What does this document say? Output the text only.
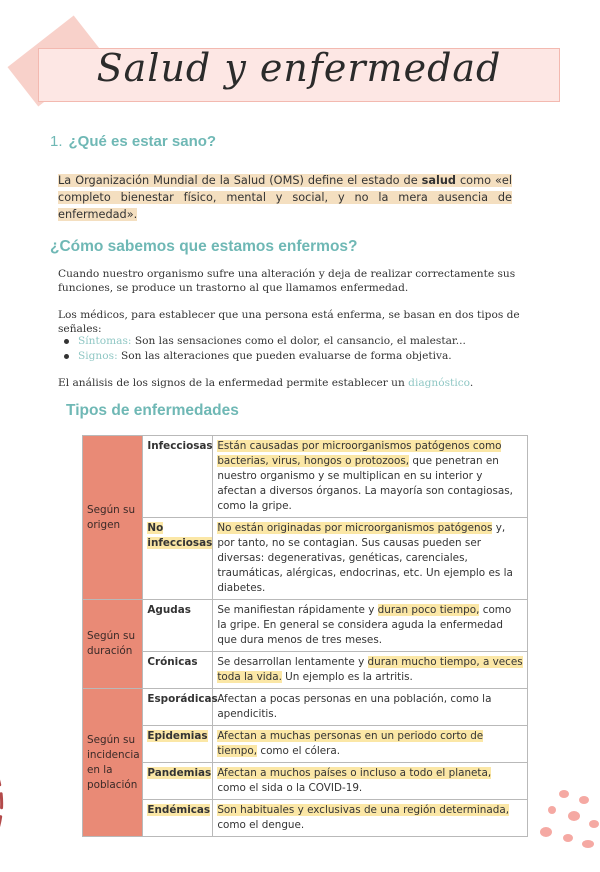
Salud y enfermedad
1. ¿Qué es estar sano?
La Organización Mundial de la Salud (OMS) define el estado de salud como «el completo bienestar físico, mental y social, y no la mera ausencia de enfermedad».
¿Cómo sabemos que estamos enfermos?
Cuando nuestro organismo sufre una alteración y deja de realizar correctamente sus funciones, se produce un trastorno al que llamamos enfermedad.
Los médicos, para establecer que una persona está enferma, se basan en dos tipos de señales:
Síntomas: Son las sensaciones como el dolor, el cansancio, el malestar...
Signos: Son las alteraciones que pueden evaluarse de forma objetiva.
El análisis de los signos de la enfermedad permite establecer un diagnóstico.
Tipos de enfermedades
Según su origen	Infecciosas	Están causadas por microorganismos patógenos como bacterias, virus, hongos o protozoos, que penetran en nuestro organismo y se multiplican en su interior y afectan a diversos órganos. La mayoría son contagiosas, como la gripe.
	No infecciosas	No están originadas por microorganismos patógenos y, por tanto, no se contagian. Sus causas pueden ser diversas: degenerativas, genéticas, carenciales, traumáticas, alérgicas, endocrinas, etc. Un ejemplo es la diabetes.
Según su duración	Agudas	Se manifiestan rápidamente y duran poco tiempo, como la gripe. En general se considera aguda la enfermedad que dura menos de tres meses.
	Crónicas	Se desarrollan lentamente y duran mucho tiempo, a veces toda la vida. Un ejemplo es la artritis.
Según su incidencia en la población	Esporádicas	Afectan a pocas personas en una población, como la apendicitis.
	Epidemias	Afectan a muchas personas en un periodo corto de tiempo, como el cólera.
	Pandemias	Afectan a muchos países o incluso a todo el planeta, como el sida o la COVID-19.
	Endémicas	Son habituales y exclusivas de una región determinada, como el dengue.
